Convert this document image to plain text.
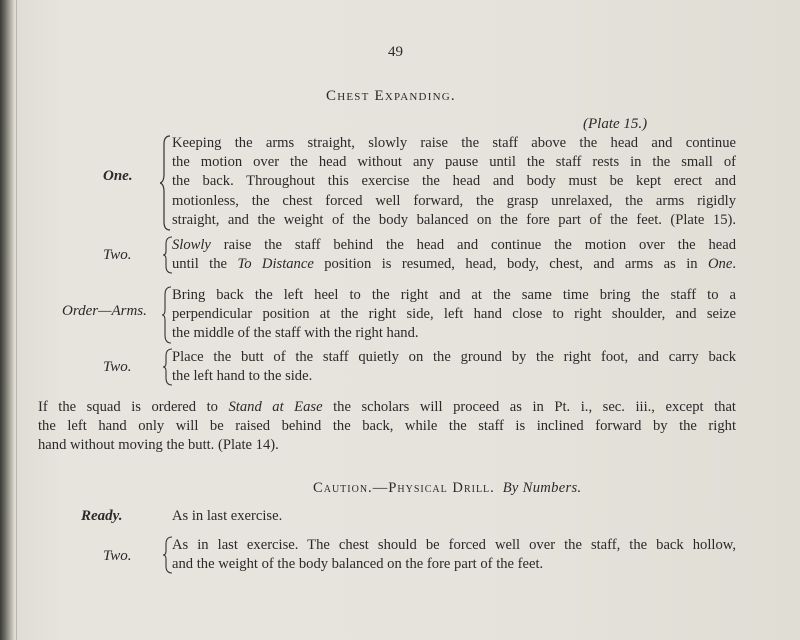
49
Chest Expanding.
(Plate 15.)
One.
Keeping the arms straight, slowly raise the staff above the head and continue
the motion over the head without any pause until the staff rests in the small of
the back. Throughout this exercise the head and body must be kept erect and
motionless, the chest forced well forward, the grasp unrelaxed, the arms rigidly
straight, and the weight of the body balanced on the fore part of the feet. (Plate 15).
Two.
Slowly raise the staff behind the head and continue the motion over the head
until the To Distance position is resumed, head, body, chest, and arms as in One.
Order—Arms.
Bring back the left heel to the right and at the same time bring the staff to a
perpendicular position at the right side, left hand close to right shoulder, and seize
the middle of the staff with the right hand.
Two.
Place the butt of the staff quietly on the ground by the right foot, and carry back
the left hand to the side.
If the squad is ordered to Stand at Ease the scholars will proceed as in Pt. i., sec. iii., except that
the left hand only will be raised behind the back, while the staff is inclined forward by the right
hand without moving the butt. (Plate 14).
Caution.—Physical Drill. By Numbers.
Ready.	As in last exercise.
Two.
As in last exercise. The chest should be forced well over the staff, the back hollow,
and the weight of the body balanced on the fore part of the feet.
